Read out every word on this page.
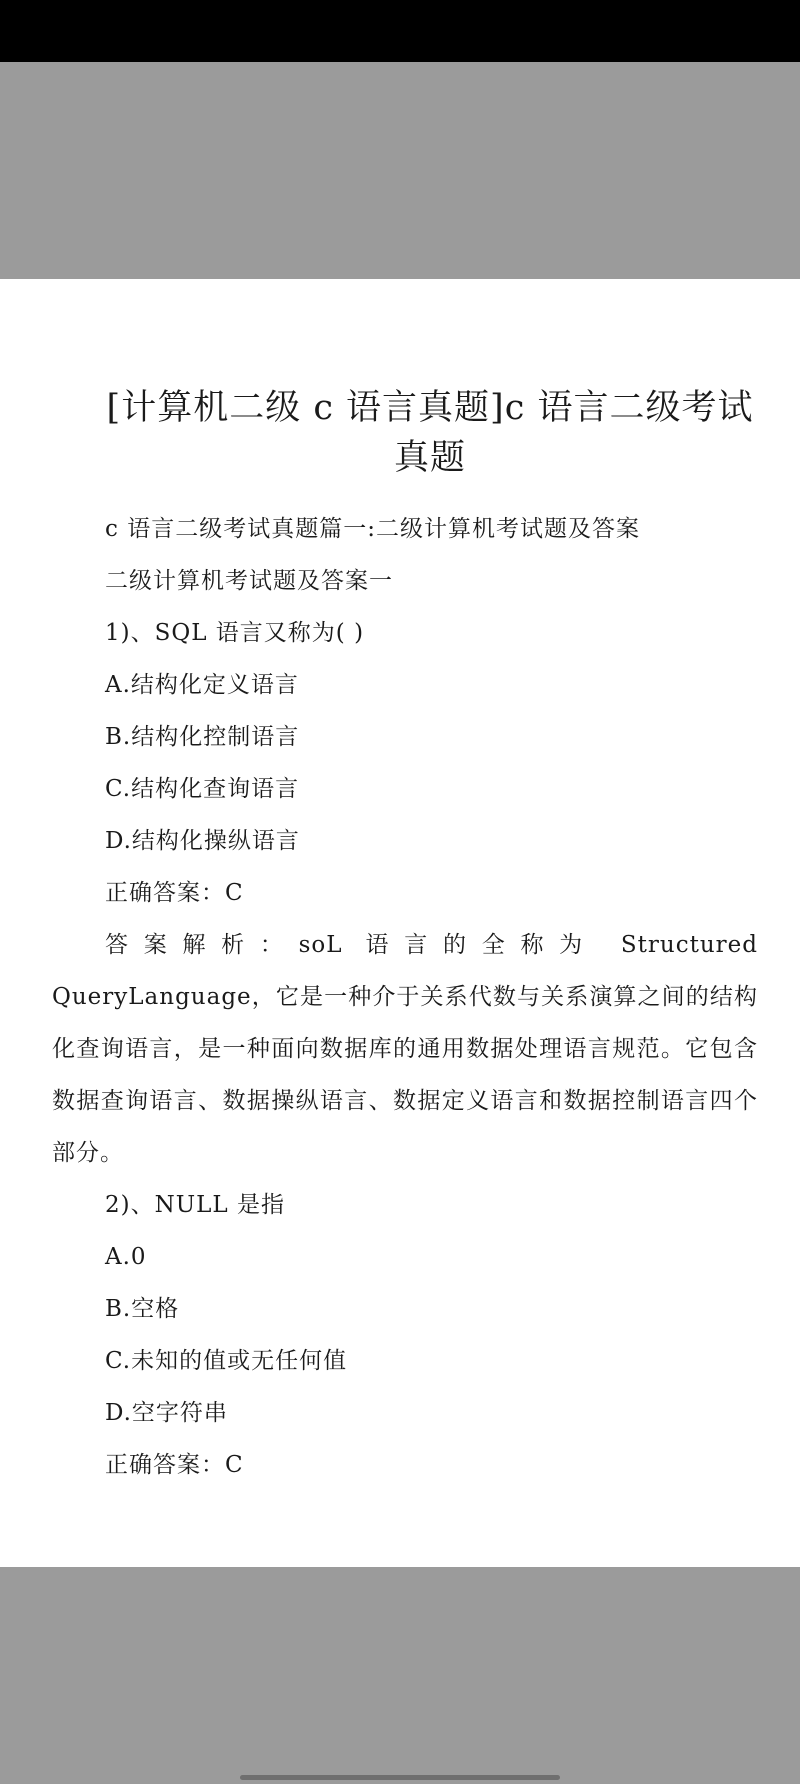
[计算机二级 c 语言真题]c 语言二级考试真题

c 语言二级考试真题篇一:二级计算机考试题及答案

二级计算机考试题及答案一

1)、SQL 语言又称为( )

A.结构化定义语言

B.结构化控制语言

C.结构化查询语言

D.结构化操纵语言

正确答案：C

答案解析：soL 语言的全称为 Structured QueryLanguage，它是一种介于关系代数与关系演算之间的结构化查询语言，是一种面向数据库的通用数据处理语言规范。它包含数据查询语言、数据操纵语言、数据定义语言和数据控制语言四个部分。

2)、NULL 是指

A.0

B.空格

C.未知的值或无任何值

D.空字符串

正确答案：C
